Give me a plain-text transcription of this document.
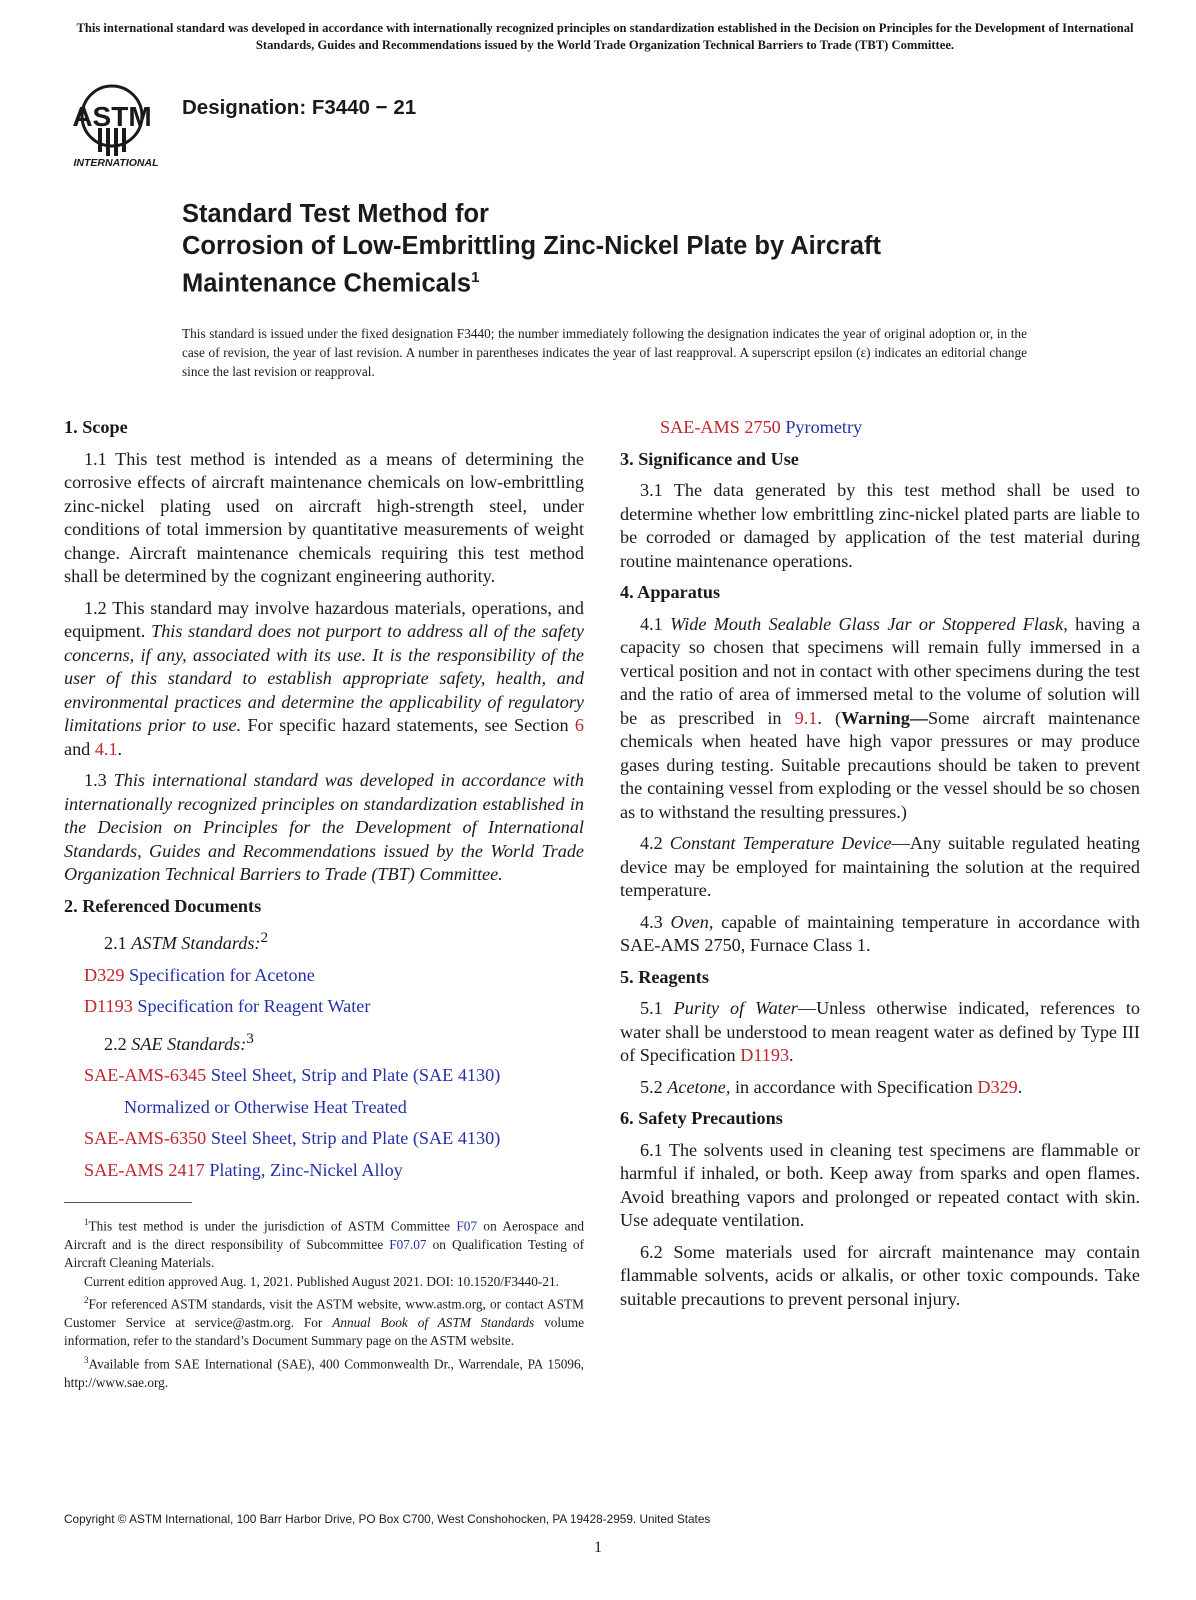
This international standard was developed in accordance with internationally recognized principles on standardization established in the Decision on Principles for the Development of International Standards, Guides and Recommendations issued by the World Trade Organization Technical Barriers to Trade (TBT) Committee.
ASTM
INTERNATIONAL
Designation: F3440 − 21
Standard Test Method for
Corrosion of Low-Embrittling Zinc-Nickel Plate by Aircraft
Maintenance Chemicals$^1$
This standard is issued under the fixed designation F3440; the number immediately following the designation indicates the year of original adoption or, in the case of revision, the year of last revision. A number in parentheses indicates the year of last reapproval. A superscript epsilon (ε) indicates an editorial change since the last revision or reapproval.
1. Scope

1.1 This test method is intended as a means of determining the corrosive effects of aircraft maintenance chemicals on low-embrittling zinc-nickel plating used on aircraft high-strength steel, under conditions of total immersion by quantitative measurements of weight change. Aircraft maintenance chemicals requiring this test method shall be determined by the cognizant engineering authority.

1.2 This standard may involve hazardous materials, operations, and equipment. This standard does not purport to address all of the safety concerns, if any, associated with its use. It is the responsibility of the user of this standard to establish appropriate safety, health, and environmental practices and determine the applicability of regulatory limitations prior to use. For specific hazard statements, see Section 6 and 4.1.

1.3 This international standard was developed in accordance with internationally recognized principles on standardization established in the Decision on Principles for the Development of International Standards, Guides and Recommendations issued by the World Trade Organization Technical Barriers to Trade (TBT) Committee.

2. Referenced Documents

2.1 ASTM Standards:$^2$

D329 Specification for Acetone

D1193 Specification for Reagent Water

2.2 SAE Standards:$^3$

SAE-AMS-6345 Steel Sheet, Strip and Plate (SAE 4130)

Normalized or Otherwise Heat Treated

SAE-AMS-6350 Steel Sheet, Strip and Plate (SAE 4130)

SAE-AMS 2417 Plating, Zinc-Nickel Alloy

$^1$This test method is under the jurisdiction of ASTM Committee F07 on Aerospace and Aircraft and is the direct responsibility of Subcommittee F07.07 on Qualification Testing of Aircraft Cleaning Materials.

Current edition approved Aug. 1, 2021. Published August 2021. DOI: 10.1520/F3440-21.

$^2$For referenced ASTM standards, visit the ASTM website, www.astm.org, or contact ASTM Customer Service at service@astm.org. For Annual Book of ASTM Standards volume information, refer to the standard’s Document Summary page on the ASTM website.

$^3$Available from SAE International (SAE), 400 Commonwealth Dr., Warrendale, PA 15096, http://www.sae.org.

SAE-AMS 2750 Pyrometry

3. Significance and Use

3.1 The data generated by this test method shall be used to determine whether low embrittling zinc-nickel plated parts are liable to be corroded or damaged by application of the test material during routine maintenance operations.

4. Apparatus

4.1 Wide Mouth Sealable Glass Jar or Stoppered Flask, having a capacity so chosen that specimens will remain fully immersed in a vertical position and not in contact with other specimens during the test and the ratio of area of immersed metal to the volume of solution will be as prescribed in 9.1. (Warning—Some aircraft maintenance chemicals when heated have high vapor pressures or may produce gases during testing. Suitable precautions should be taken to prevent the containing vessel from exploding or the vessel should be so chosen as to withstand the resulting pressures.)

4.2 Constant Temperature Device—Any suitable regulated heating device may be employed for maintaining the solution at the required temperature.

4.3 Oven, capable of maintaining temperature in accordance with SAE-AMS 2750, Furnace Class 1.

5. Reagents

5.1 Purity of Water—Unless otherwise indicated, references to water shall be understood to mean reagent water as defined by Type III of Specification D1193.

5.2 Acetone, in accordance with Specification D329.

6. Safety Precautions

6.1 The solvents used in cleaning test specimens are flammable or harmful if inhaled, or both. Keep away from sparks and open flames. Avoid breathing vapors and prolonged or repeated contact with skin. Use adequate ventilation.

6.2 Some materials used for aircraft maintenance may contain flammable solvents, acids or alkalis, or other toxic compounds. Take suitable precautions to prevent personal injury.

Copyright © ASTM International, 100 Barr Harbor Drive, PO Box C700, West Conshohocken, PA 19428-2959. United States
1
